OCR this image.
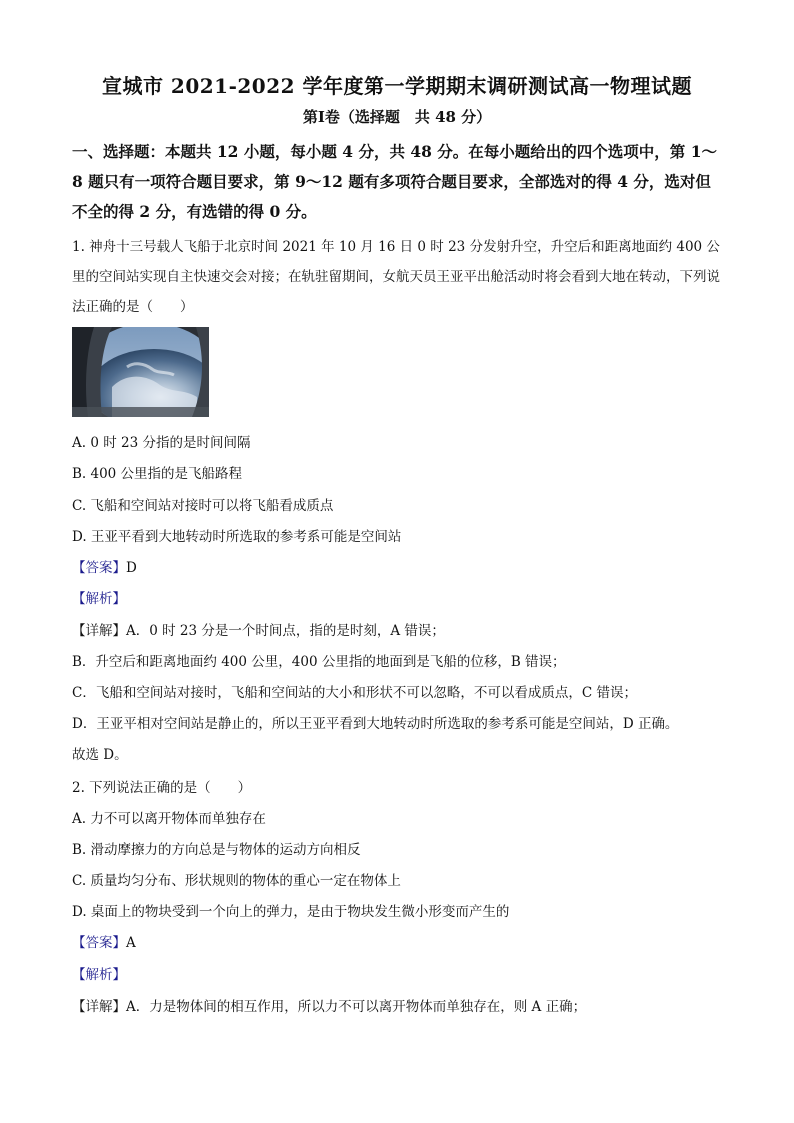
宣城市 2021-2022 学年度第一学期期末调研测试高一物理试题
第Ⅰ卷（选择题　共 48 分）
一、选择题：本题共 12 小题，每小题 4 分，共 48 分。在每小题给出的四个选项中，第 1～8 题只有一项符合题目要求，第 9～12 题有多项符合题目要求，全部选对的得 4 分，选对但不全的得 2 分，有选错的得 0 分。
1. 神舟十三号载人飞船于北京时间 2021 年 10 月 16 日 0 时 23 分发射升空，升空后和距离地面约 400 公里的空间站实现自主快速交会对接；在轨驻留期间，女航天员王亚平出舱活动时将会看到大地在转动，下列说法正确的是（　　）
A. 0 时 23 分指的是时间间隔
B. 400 公里指的是飞船路程
C. 飞船和空间站对接时可以将飞船看成质点
D. 王亚平看到大地转动时所选取的参考系可能是空间站
【答案】D
【解析】
【详解】A．0 时 23 分是一个时间点，指的是时刻，A 错误；
B．升空后和距离地面约 400 公里，400 公里指的地面到是飞船的位移，B 错误；
C．飞船和空间站对接时，飞船和空间站的大小和形状不可以忽略，不可以看成质点，C 错误；
D．王亚平相对空间站是静止的，所以王亚平看到大地转动时所选取的参考系可能是空间站，D 正确。
故选 D。
2. 下列说法正确的是（　　）
A. 力不可以离开物体而单独存在
B. 滑动摩擦力的方向总是与物体的运动方向相反
C. 质量均匀分布、形状规则的物体的重心一定在物体上
D. 桌面上的物块受到一个向上的弹力，是由于物块发生微小形变而产生的
【答案】A
【解析】
【详解】A．力是物体间的相互作用，所以力不可以离开物体而单独存在，则 A 正确；
